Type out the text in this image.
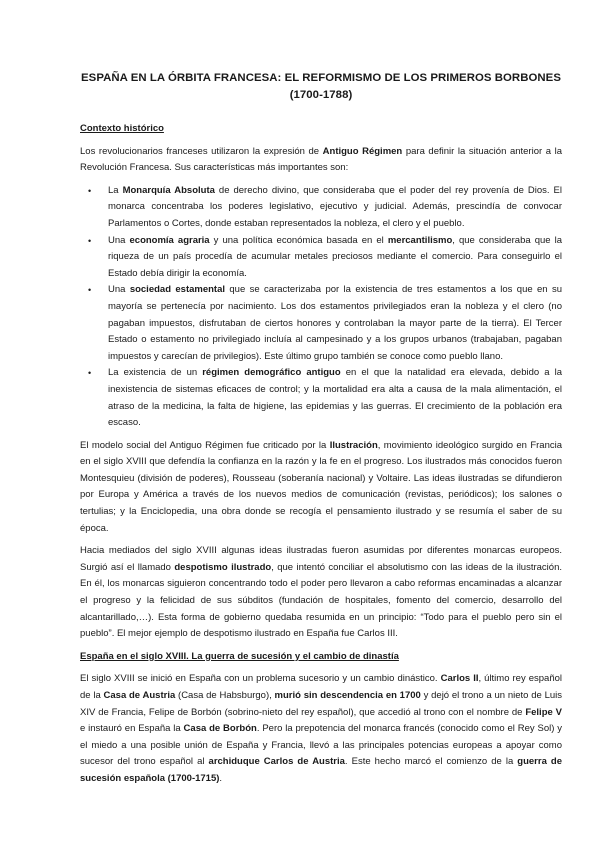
ESPAÑA EN LA ÓRBITA FRANCESA: EL REFORMISMO DE LOS PRIMEROS BORBONES
(1700-1788)
Contexto histórico

Los revolucionarios franceses utilizaron la expresión de Antiguo Régimen para definir la situación anterior a la Revolución Francesa. Sus características más importantes son:

• La Monarquía Absoluta de derecho divino, que consideraba que el poder del rey provenía de Dios. El monarca concentraba los poderes legislativo, ejecutivo y judicial. Además, prescindía de convocar Parlamentos o Cortes, donde estaban representados la nobleza, el clero y el pueblo.
• Una economía agraria y una política económica basada en el mercantilismo, que consideraba que la riqueza de un país procedía de acumular metales preciosos mediante el comercio. Para conseguirlo el Estado debía dirigir la economía.
• Una sociedad estamental que se caracterizaba por la existencia de tres estamentos a los que en su mayoría se pertenecía por nacimiento. Los dos estamentos privilegiados eran la nobleza y el clero (no pagaban impuestos, disfrutaban de ciertos honores y controlaban la mayor parte de la tierra). El Tercer Estado o estamento no privilegiado incluía al campesinado y a los grupos urbanos (trabajaban, pagaban impuestos y carecían de privilegios). Este último grupo también se conoce como pueblo llano.
• La existencia de un régimen demográfico antiguo en el que la natalidad era elevada, debido a la inexistencia de sistemas eficaces de control; y la mortalidad era alta a causa de la mala alimentación, el atraso de la medicina, la falta de higiene, las epidemias y las guerras. El crecimiento de la población era escaso.

El modelo social del Antiguo Régimen fue criticado por la Ilustración, movimiento ideológico surgido en Francia en el siglo XVIII que defendía la confianza en la razón y la fe en el progreso. Los ilustrados más conocidos fueron Montesquieu (división de poderes), Rousseau (soberanía nacional) y Voltaire. Las ideas ilustradas se difundieron por Europa y América a través de los nuevos medios de comunicación (revistas, periódicos); los salones o tertulias; y la Enciclopedia, una obra donde se recogía el pensamiento ilustrado y se resumía el saber de su época.

Hacia mediados del siglo XVIII algunas ideas ilustradas fueron asumidas por diferentes monarcas europeos. Surgió así el llamado despotismo ilustrado, que intentó conciliar el absolutismo con las ideas de la ilustración. En él, los monarcas siguieron concentrando todo el poder pero llevaron a cabo reformas encaminadas a alcanzar el progreso y la felicidad de sus súbditos (fundación de hospitales, fomento del comercio, desarrollo del alcantarillado,…). Esta forma de gobierno quedaba resumida en un principio: “Todo para el pueblo pero sin el pueblo”. El mejor ejemplo de despotismo ilustrado en España fue Carlos III.

España en el siglo XVIII. La guerra de sucesión y el cambio de dinastía

El siglo XVIII se inició en España con un problema sucesorio y un cambio dinástico. Carlos II, último rey español de la Casa de Austria (Casa de Habsburgo), murió sin descendencia en 1700 y dejó el trono a un nieto de Luis XIV de Francia, Felipe de Borbón (sobrino-nieto del rey español), que accedió al trono con el nombre de Felipe V e instauró en España la Casa de Borbón. Pero la prepotencia del monarca francés (conocido como el Rey Sol) y el miedo a una posible unión de España y Francia, llevó a las principales potencias europeas a apoyar como sucesor del trono español al archiduque Carlos de Austria. Este hecho marcó el comienzo de la guerra de sucesión española (1700-1715).
